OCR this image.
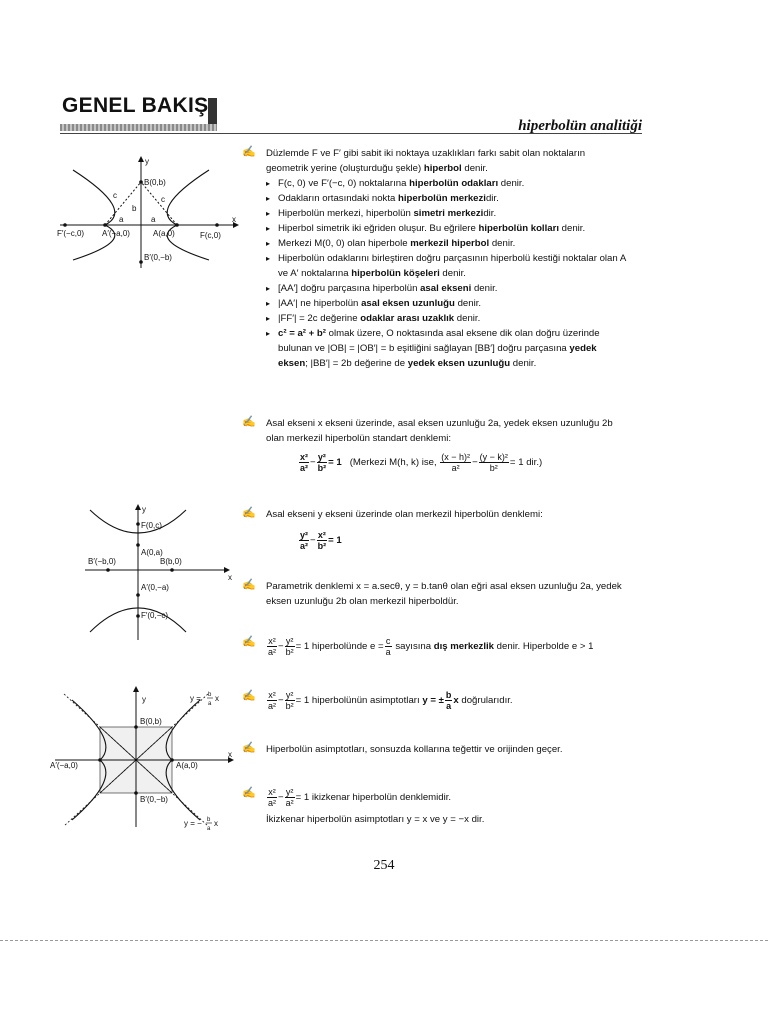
GENEL BAKIŞ
hiperbolün analitiği
y
x
B(0,b)
B′(0,−b)
F′(−c,0) A′(−a,0)	A(a,0)	F(c,0)
c	c
b
a	a
✍ Düzlemde F ve F′ gibi sabit iki noktaya uzaklıkları farkı sabit olan noktaların geometrik yerine (oluşturduğu şekle) hiperbol denir.
▸ F(c, 0) ve F′(−c, 0) noktalarına hiperbolün odakları denir.
▸ Odakların ortasındaki nokta hiperbolün merkezidir.
▸ Hiperbolün merkezi, hiperbolün simetri merkezidir.
▸ Hiperbol simetrik iki eğriden oluşur. Bu eğrilere hiperbolün kolları denir.
▸ Merkezi M(0, 0) olan hiperbole merkezil hiperbol denir.
▸ Hiperbolün odaklarını birleştiren doğru parçasının hiperbolü kestiği noktalar olan A ve A′ noktalarına hiperbolün köşeleri denir.
▸ [AA′] doğru parçasına hiperbolün asal ekseni denir.
▸ |AA′| ne hiperbolün asal eksen uzunluğu denir.
▸ |FF′| = 2c değerine odaklar arası uzaklık denir.
▸ c² = a² + b² olmak üzere, O noktasında asal eksene dik olan doğru üzerinde bulunan ve |OB| = |OB′| = b eşitliğini sağlayan [BB′] doğru parçasına yedek eksen; |BB′| = 2b değerine de yedek eksen uzunluğu denir.
✍ Asal ekseni x ekseni üzerinde, asal eksen uzunluğu 2a, yedek eksen uzunluğu 2b olan merkezil hiperbolün standart denklemi:
$\frac{\text{x²}}{\text{a²}} - \frac{\text{y²}}{\text{b²}} = 1$ (Merkezi M(h, k) ise, $\frac{\text{(x − h)²}}{\text{a²}} - \frac{\text{(y − k)²}}{\text{b²}} = 1$ dir.)
y
x
F(0,c)
A(0,a)
B′(−b,0)	B(b,0)
A′(0,−a)
F′(0,−c)
✍ Asal ekseni y ekseni üzerinde olan merkezil hiperbolün denklemi:
$\frac{\text{y²}}{\text{a²}} - \frac{\text{x²}}{\text{b²}} = 1$
✍ Parametrik denklemi x = a.secθ, y = b.tanθ olan eğri asal eksen uzunluğu 2a, yedek eksen uzunluğu 2b olan merkezil hiperboldür.
✍ $\frac{\text{x²}}{\text{a²}} - \frac{\text{y²}}{\text{b²}} = 1$ hiperbolünde $e = \frac{c}{a}$ sayısına dış merkezlik denir. Hiperbolde e > 1
y
x
y = b
a
x
y = − b
a
x
B(0,b)
A′(−a,0)	A(a,0)
B′(0,−b)
✍ $\frac{\text{x²}}{\text{a²}} - \frac{\text{y²}}{\text{b²}} = 1$ hiperbolünün asimptotları y = ± $\frac{b}{a}$ x doğrularıdır.
✍ Hiperbolün asimptotları, sonsuzda kollarına teğettir ve orijinden geçer.
✍ $\frac{\text{x²}}{\text{a²}} - \frac{\text{y²}}{\text{a²}} = 1$ ikizkenar hiperbolün denklemidir.
İkizkenar hiperbolün asimptotları y = x ve y = −x dir.
254
